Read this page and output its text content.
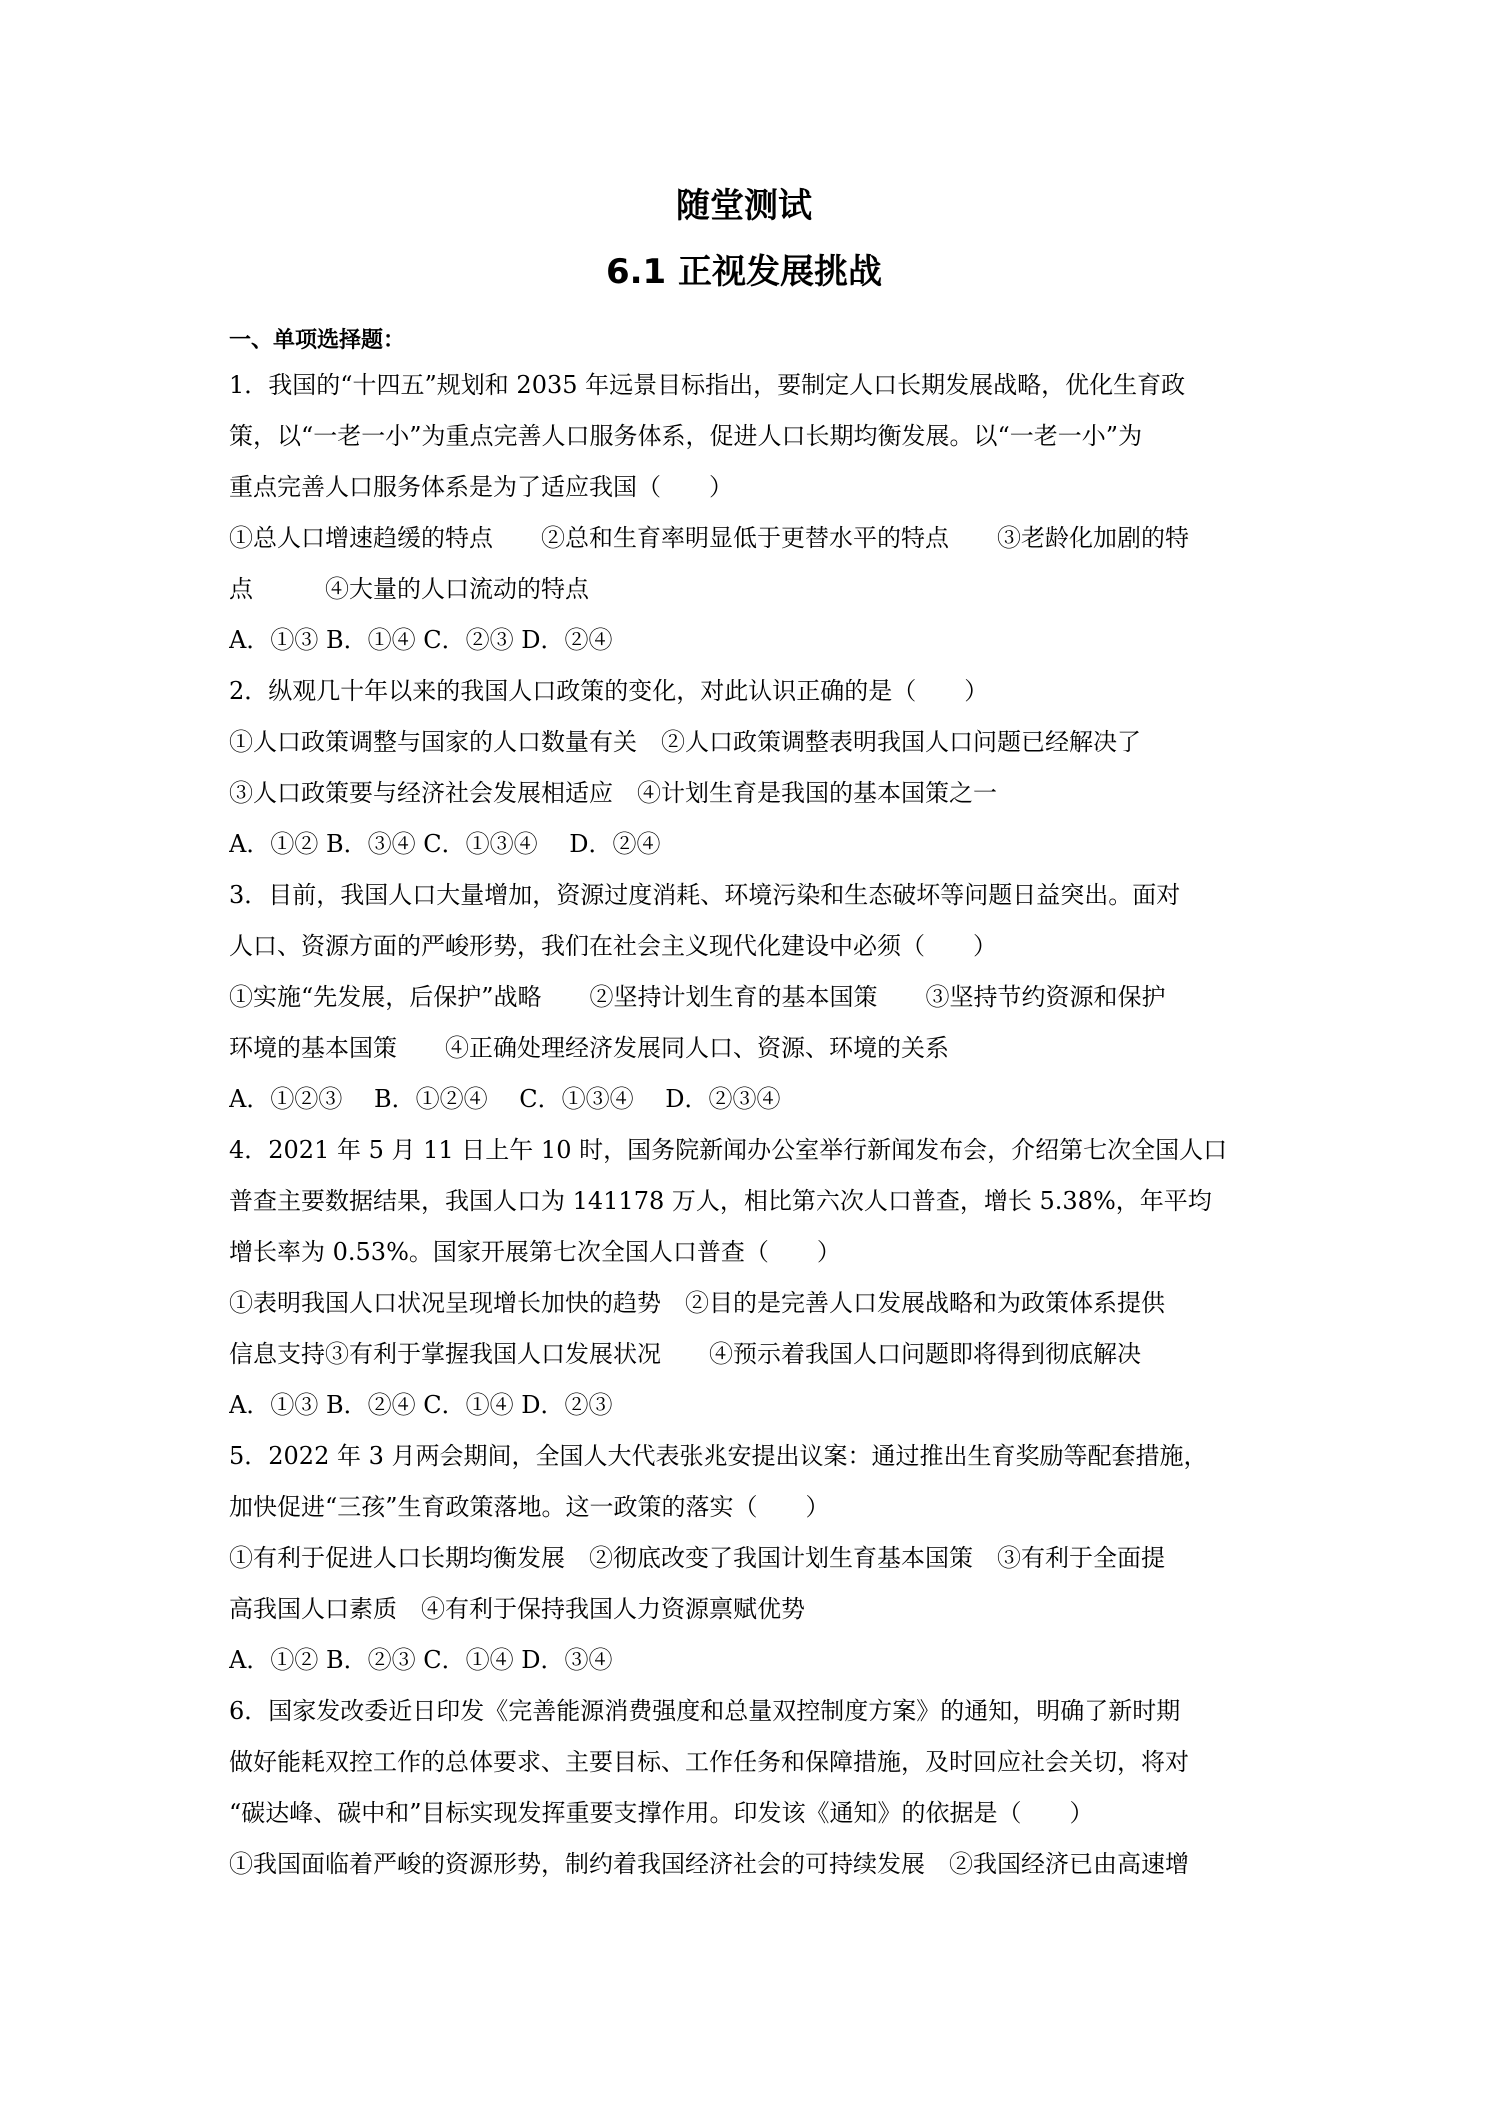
随堂测试
6.1 正视发展挑战
一、单项选择题：
1．我国的“十四五”规划和 2035 年远景目标指出，要制定人口长期发展战略，优化生育政
策，以“一老一小”为重点完善人口服务体系，促进人口长期均衡发展。以“一老一小”为
重点完善人口服务体系是为了适应我国（　　）
①总人口增速趋缓的特点　　②总和生育率明显低于更替水平的特点　　③老龄化加剧的特
点　　　④大量的人口流动的特点
A．①③ B．①④ C．②③ D．②④
2．纵观几十年以来的我国人口政策的变化，对此认识正确的是（　　）
①人口政策调整与国家的人口数量有关　②人口政策调整表明我国人口问题已经解决了
③人口政策要与经济社会发展相适应　④计划生育是我国的基本国策之一
A．①② B．③④ C．①③④　 D．②④
3．目前，我国人口大量增加，资源过度消耗、环境污染和生态破坏等问题日益突出。面对
人口、资源方面的严峻形势，我们在社会主义现代化建设中必须（　　）
①实施“先发展，后保护”战略　　②坚持计划生育的基本国策　　③坚持节约资源和保护
环境的基本国策　　④正确处理经济发展同人口、资源、环境的关系
A．①②③　 B．①②④　 C．①③④　 D．②③④
4．2021 年 5 月 11 日上午 10 时，国务院新闻办公室举行新闻发布会，介绍第七次全国人口
普查主要数据结果，我国人口为 141178 万人，相比第六次人口普查，增长 5.38%，年平均
增长率为 0.53%。国家开展第七次全国人口普查（　　）
①表明我国人口状况呈现增长加快的趋势　②目的是完善人口发展战略和为政策体系提供
信息支持③有利于掌握我国人口发展状况　　④预示着我国人口问题即将得到彻底解决
A．①③ B．②④ C．①④ D．②③
5．2022 年 3 月两会期间，全国人大代表张兆安提出议案：通过推出生育奖励等配套措施，
加快促进“三孩”生育政策落地。这一政策的落实（　　）
①有利于促进人口长期均衡发展　②彻底改变了我国计划生育基本国策　③有利于全面提
高我国人口素质　④有利于保持我国人力资源禀赋优势
A．①② B．②③ C．①④ D．③④
6．国家发改委近日印发《完善能源消费强度和总量双控制度方案》的通知，明确了新时期
做好能耗双控工作的总体要求、主要目标、工作任务和保障措施，及时回应社会关切，将对
“碳达峰、碳中和”目标实现发挥重要支撑作用。印发该《通知》的依据是（　　）
①我国面临着严峻的资源形势，制约着我国经济社会的可持续发展　②我国经济已由高速增
